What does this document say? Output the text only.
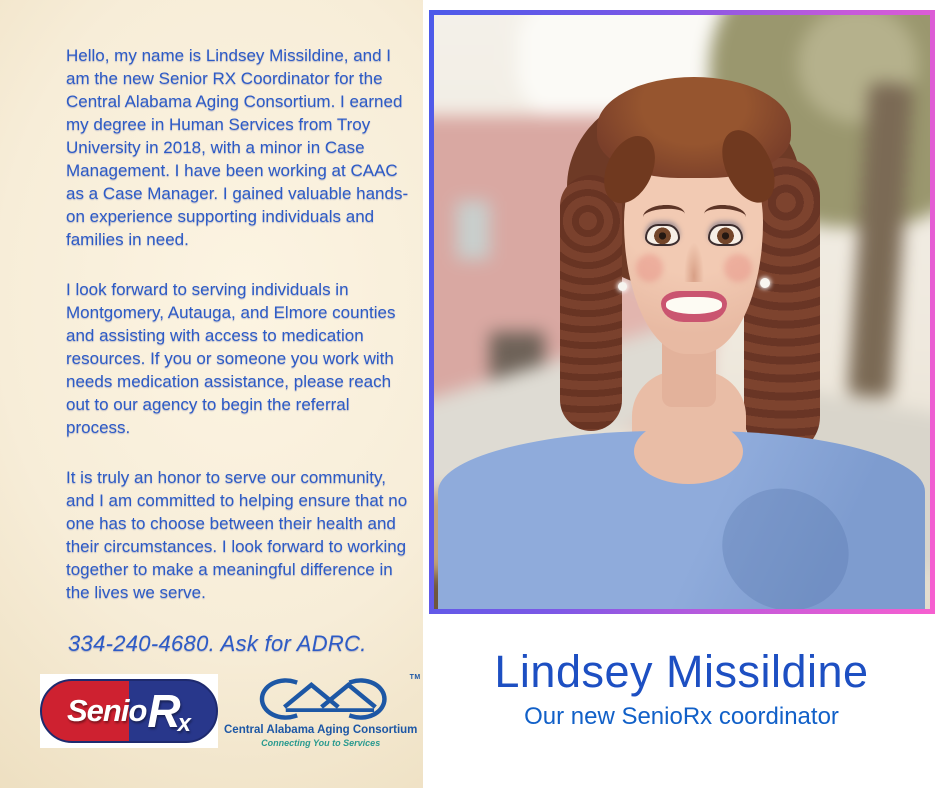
Hello, my name is Lindsey Missildine, and I am the new Senior RX Coordinator for the Central Alabama Aging Consortium. I earned my degree in Human Services from Troy University in 2018, with a minor in Case Management. I have been working at CAAC as a Case Manager. I gained valuable hands-on experience supporting individuals and families in need.

I look forward to serving individuals in Montgomery, Autauga, and Elmore counties and assisting with access to medication resources. If you or someone you work with needs medication assistance, please reach out to our agency to begin the referral process.

It is truly an honor to serve our community, and I am committed to helping ensure that no one has to choose between their health and their circumstances. I look forward to working together to make a meaningful difference in the lives we serve.

334-240-4680. Ask for ADRC.
Senio R
x
TM
Central Alabama Aging Consortium
Connecting You to Services
Lindsey Missildine
Our new SenioRx coordinator
